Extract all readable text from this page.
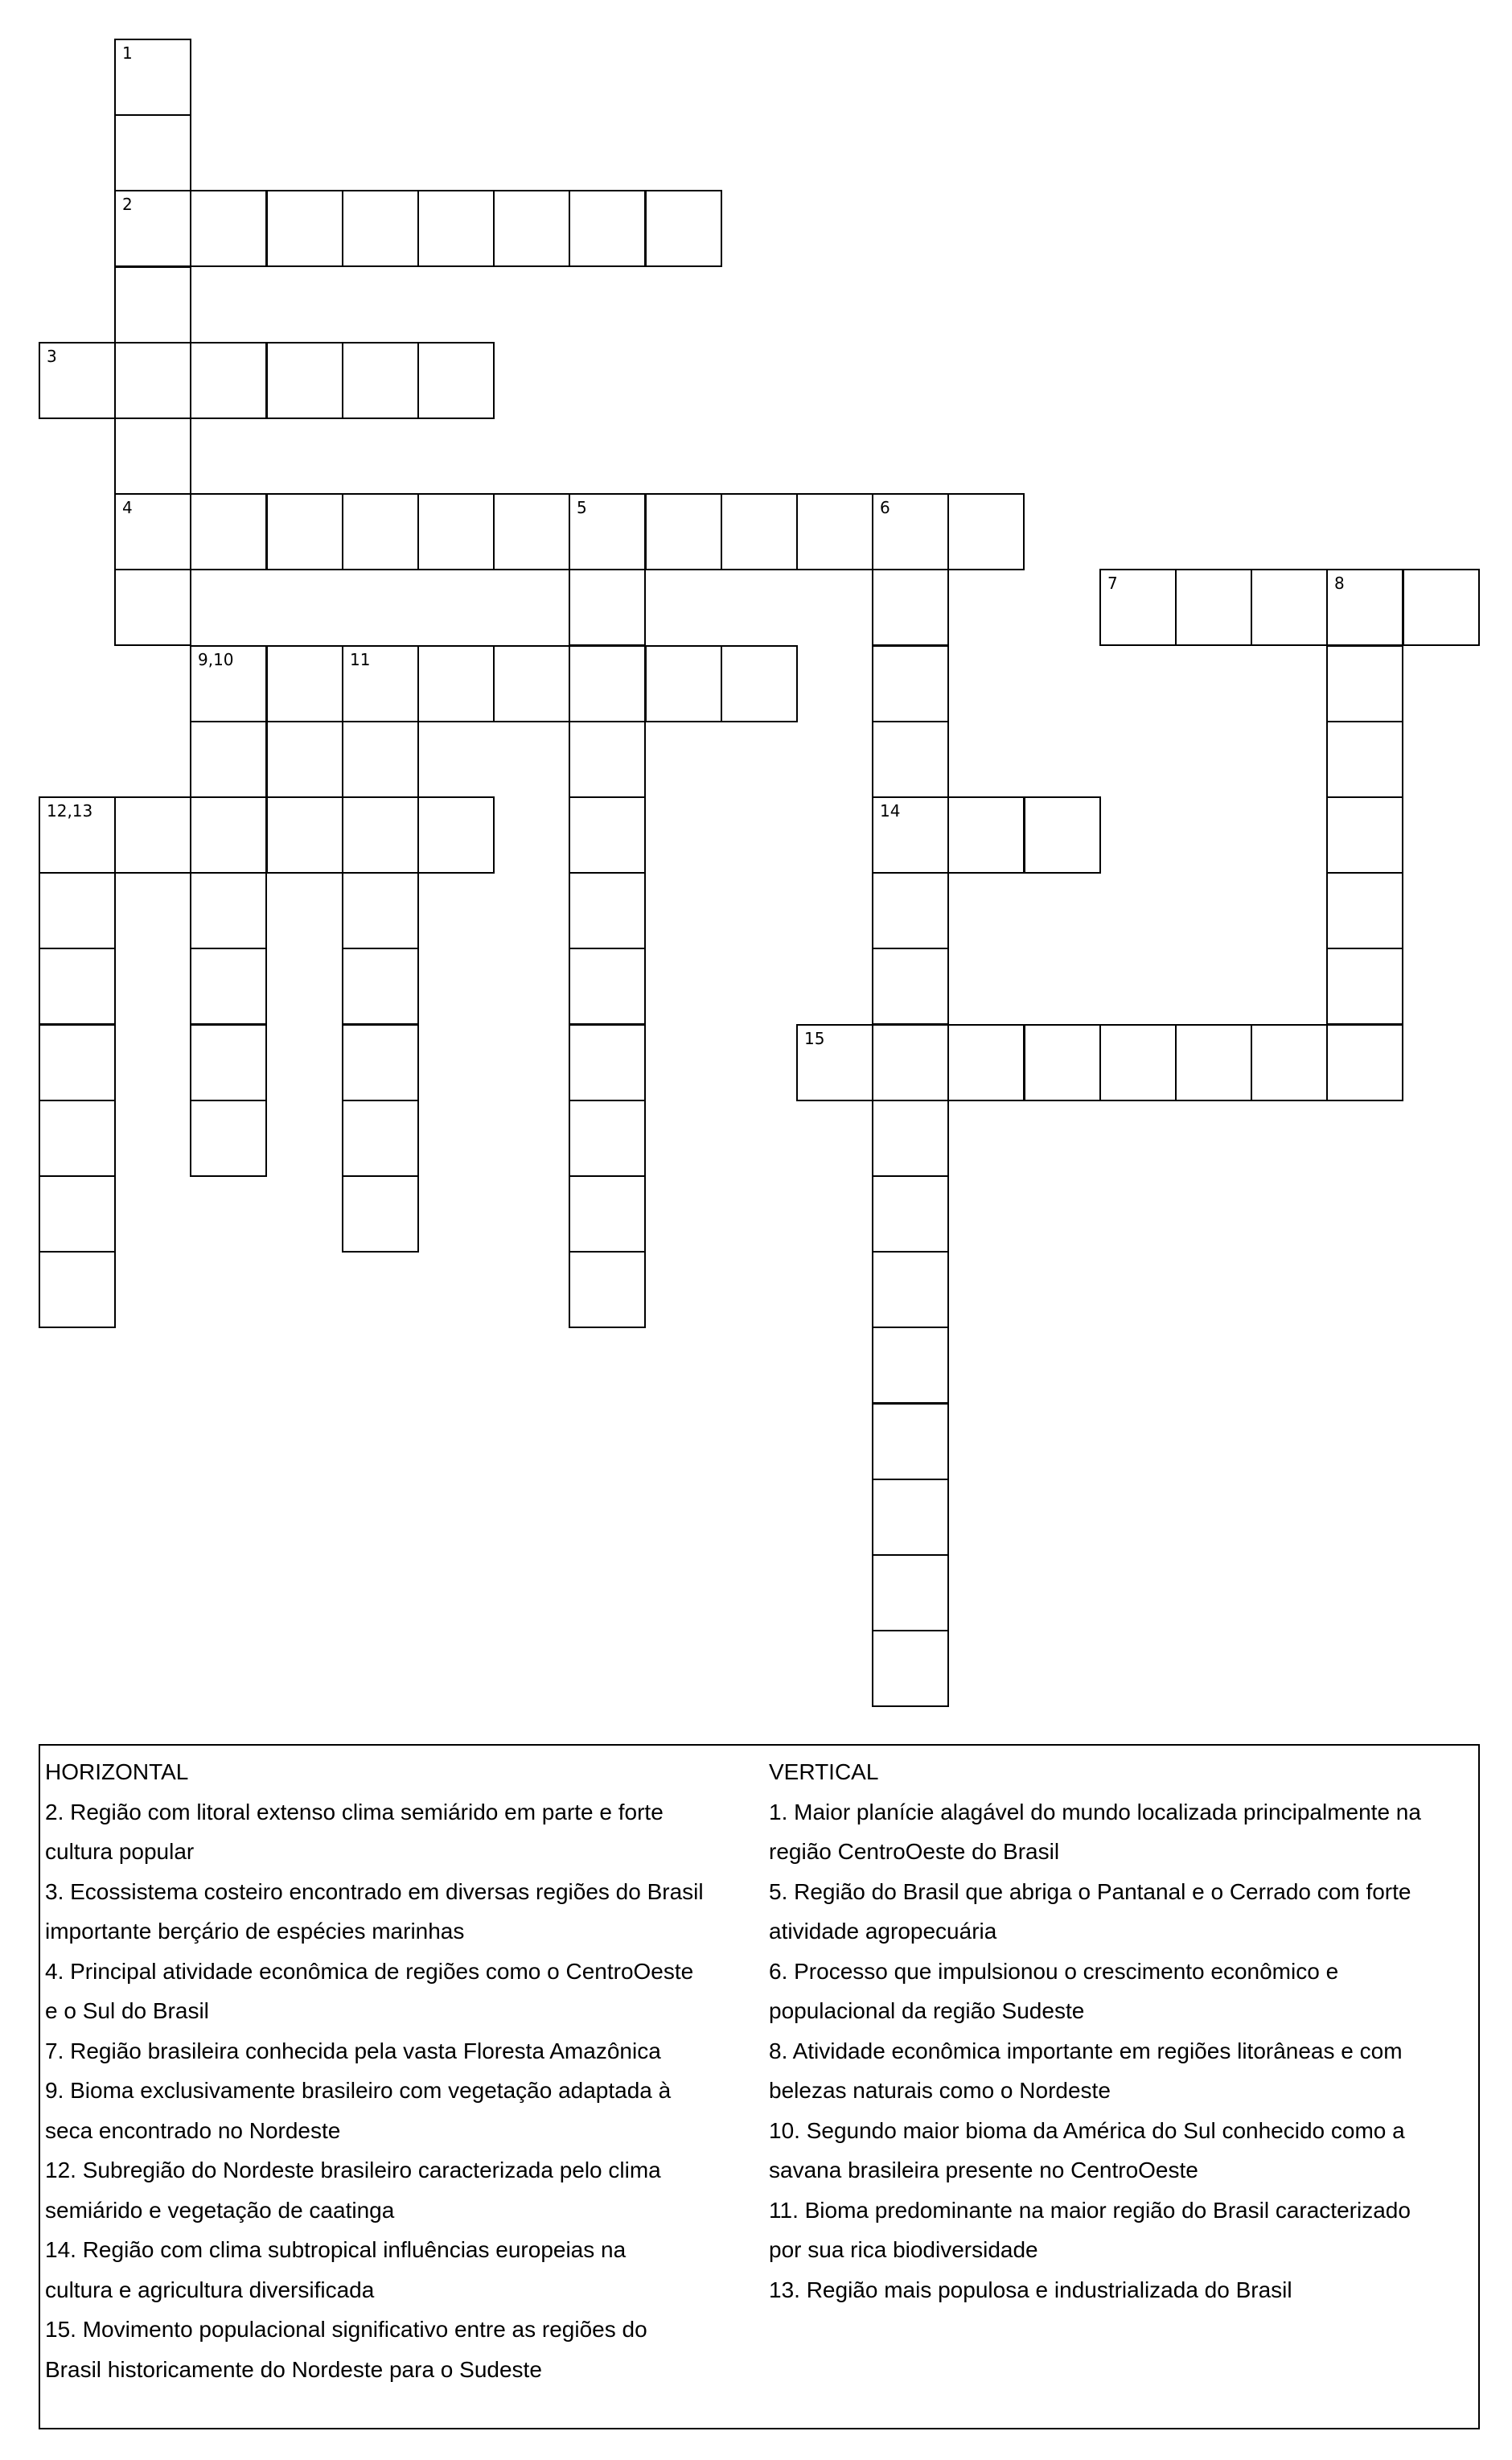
1
2
3
4	5	6
7	8
9,10	11
12,13	14
15
HORIZONTAL
2. Região com litoral extenso clima semiárido em parte e forte
cultura popular
3. Ecossistema costeiro encontrado em diversas regiões do Brasil
importante berçário de espécies marinhas
4. Principal atividade econômica de regiões como o CentroOeste
e o Sul do Brasil
7. Região brasileira conhecida pela vasta Floresta Amazônica
9. Bioma exclusivamente brasileiro com vegetação adaptada à
seca encontrado no Nordeste
12. Subregião do Nordeste brasileiro caracterizada pelo clima
semiárido e vegetação de caatinga
14. Região com clima subtropical influências europeias na
cultura e agricultura diversificada
15. Movimento populacional significativo entre as regiões do
Brasil historicamente do Nordeste para o Sudeste
VERTICAL
1. Maior planície alagável do mundo localizada principalmente na
região CentroOeste do Brasil
5. Região do Brasil que abriga o Pantanal e o Cerrado com forte
atividade agropecuária
6. Processo que impulsionou o crescimento econômico e
populacional da região Sudeste
8. Atividade econômica importante em regiões litorâneas e com
belezas naturais como o Nordeste
10. Segundo maior bioma da América do Sul conhecido como a
savana brasileira presente no CentroOeste
11. Bioma predominante na maior região do Brasil caracterizado
por sua rica biodiversidade
13. Região mais populosa e industrializada do Brasil
